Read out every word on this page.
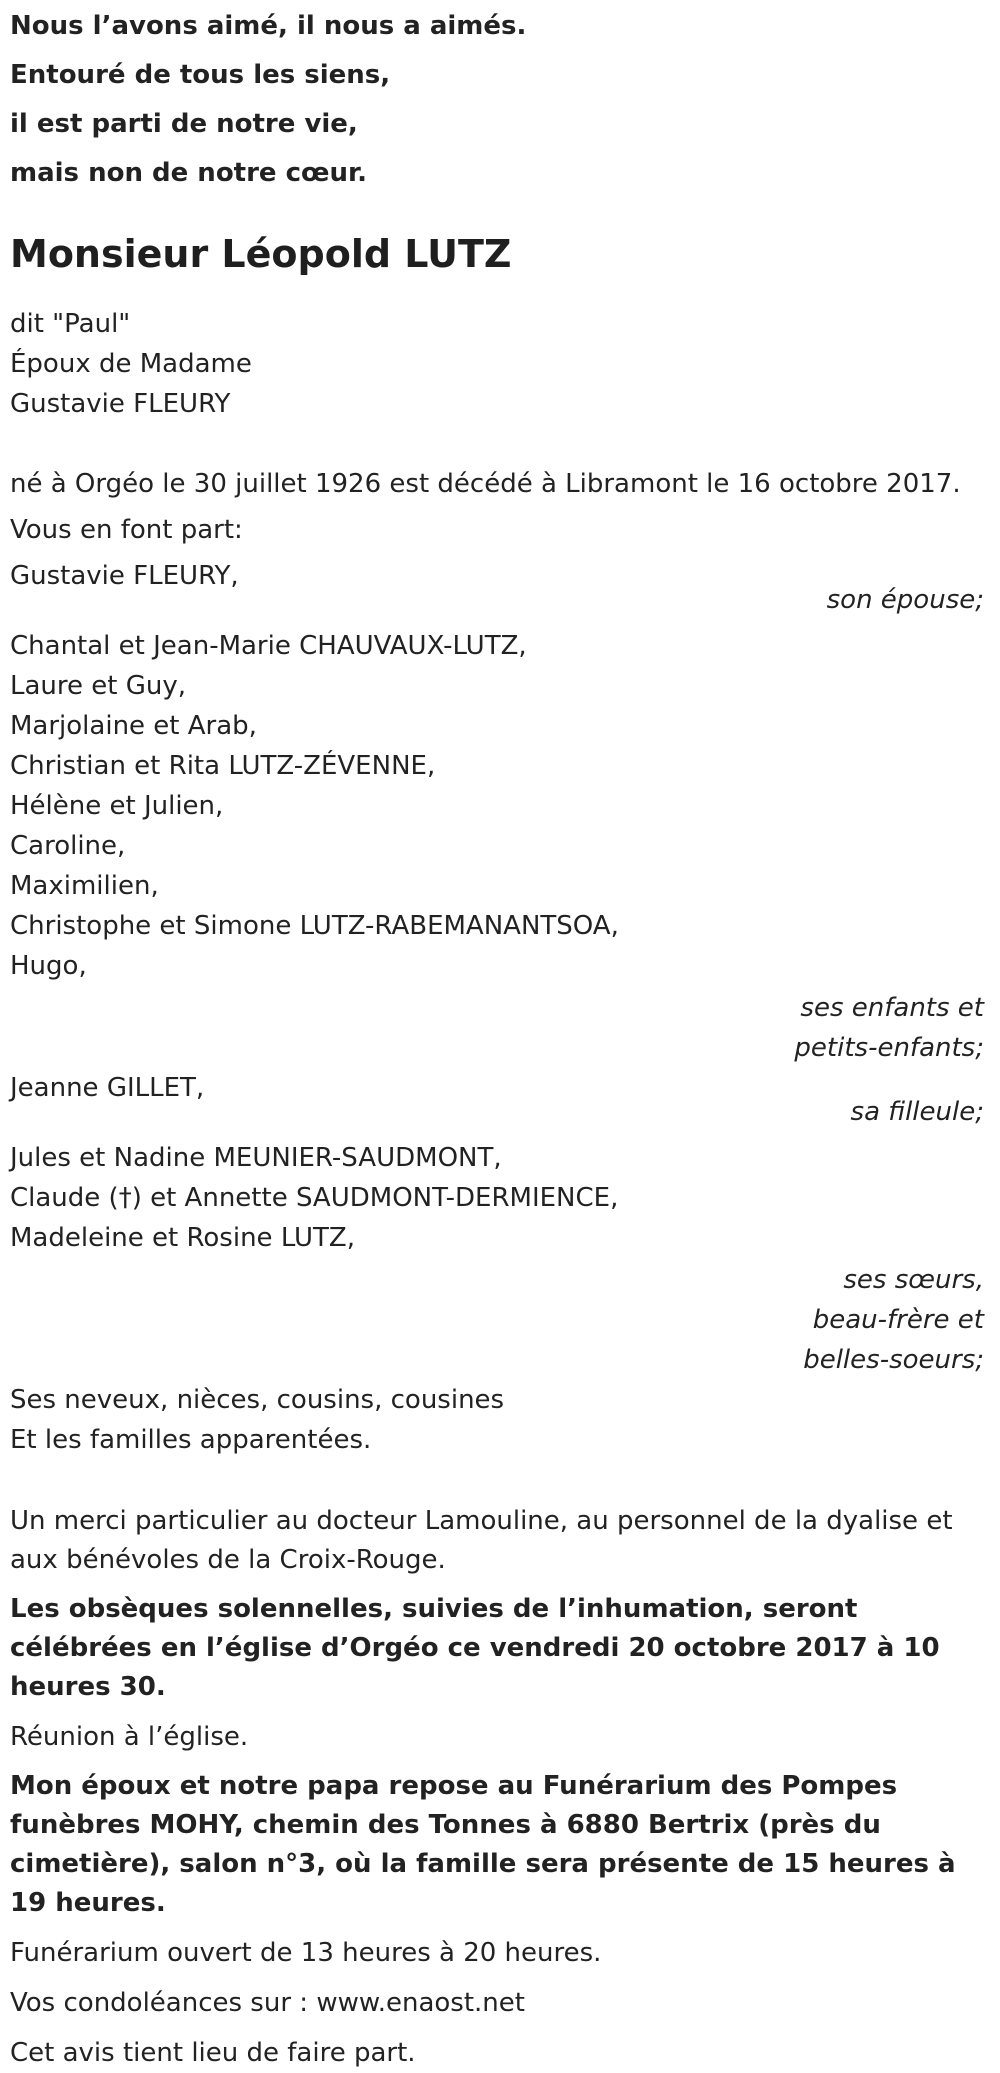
Nous l’avons aimé, il nous a aimés.
Entouré de tous les siens,
il est parti de notre vie,
mais non de notre cœur.
Monsieur Léopold LUTZ
dit "Paul"
Époux de Madame
Gustavie FLEURY
né à Orgéo le 30 juillet 1926 est décédé à Libramont le 16 octobre 2017.
Vous en font part:
Gustavie FLEURY,
son épouse;
Chantal et Jean-Marie CHAUVAUX-LUTZ,
Laure et Guy,
Marjolaine et Arab,
Christian et Rita LUTZ-ZÉVENNE,
Hélène et Julien,
Caroline,
Maximilien,
Christophe et Simone LUTZ-RABEMANANTSOA,
Hugo,
ses enfants et
petits-enfants;
Jeanne GILLET,
sa filleule;
Jules et Nadine MEUNIER-SAUDMONT,
Claude (†) et Annette SAUDMONT-DERMIENCE,
Madeleine et Rosine LUTZ,
ses sœurs,
beau-frère et
belles-soeurs;
Ses neveux, nièces, cousins, cousines
Et les familles apparentées.
Un merci particulier au docteur Lamouline, au personnel de la dyalise et aux bénévoles de la Croix-Rouge.
Les obsèques solennelles, suivies de l’inhumation, seront célébrées en l’église d’Orgéo ce vendredi 20 octobre 2017 à 10 heures 30.
Réunion à l’église.
Mon époux et notre papa repose au Funérarium des Pompes funèbres MOHY, chemin des Tonnes à 6880 Bertrix (près du cimetière), salon n°3, où la famille sera présente de 15 heures à 19 heures.
Funérarium ouvert de 13 heures à 20 heures.
Vos condoléances sur : www.enaost.net
Cet avis tient lieu de faire part.
